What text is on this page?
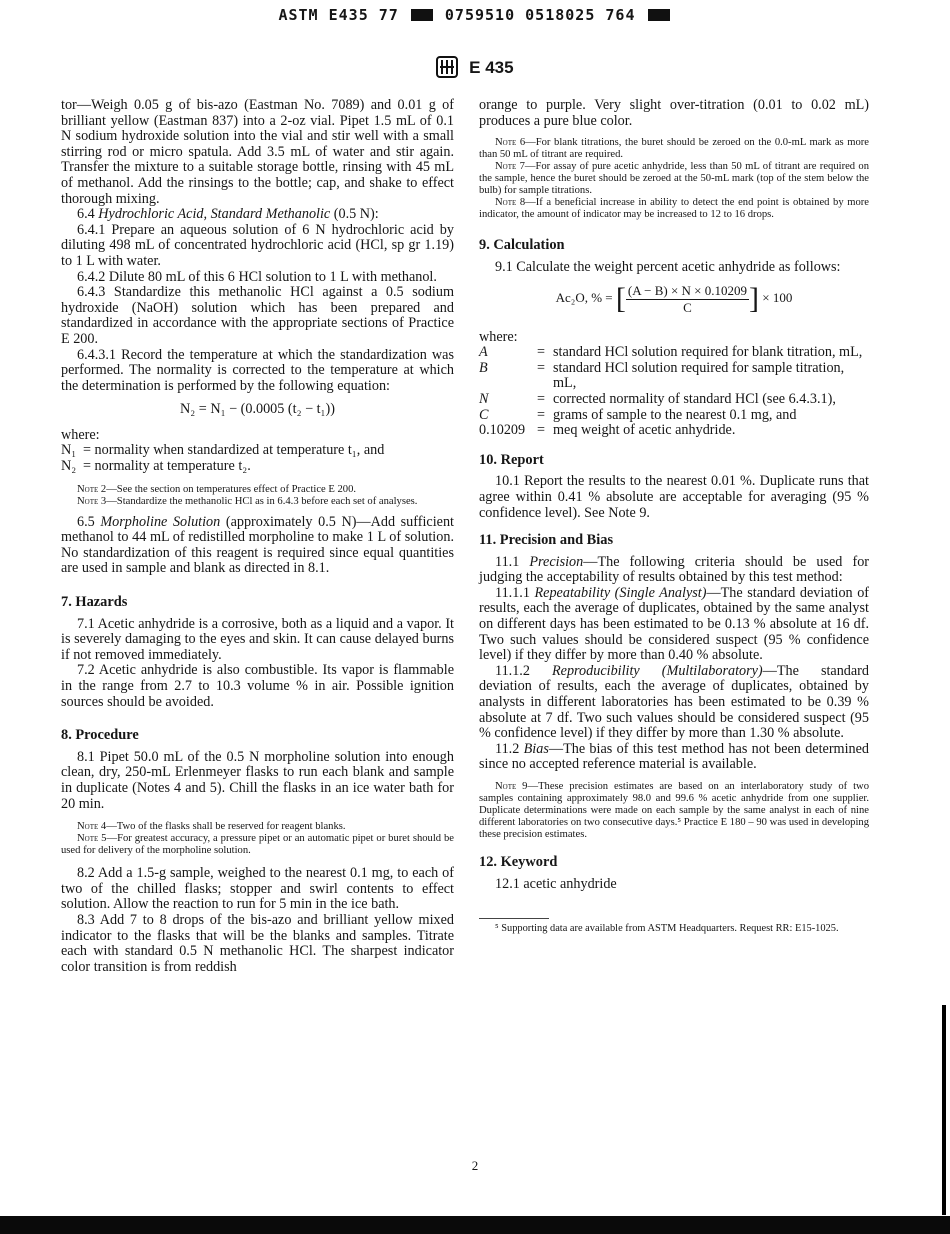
ASTM E435 77	0759510 0518025 764
E 435

tor—Weigh 0.05 g of bis-azo (Eastman No. 7089) and 0.01 g of brilliant yellow (Eastman 837) into a 2-oz vial. Pipet 1.5 mL of 0.1 N sodium hydroxide solution into the vial and stir well with a small stirring rod or micro spatula. Add 3.5 mL of water and stir again. Transfer the mixture to a suitable storage bottle, rinsing with 45 mL of methanol. Add the rinsings to the bottle; cap, and shake to effect thorough mixing.

6.4 Hydrochloric Acid, Standard Methanolic (0.5 N):

6.4.1 Prepare an aqueous solution of 6 N hydrochloric acid by diluting 498 mL of concentrated hydrochloric acid (HCl, sp gr 1.19) to 1 L with water.

6.4.2 Dilute 80 mL of this 6 HCl solution to 1 L with methanol.

6.4.3 Standardize this methanolic HCl against a 0.5 sodium hydroxide (NaOH) solution which has been prepared and standardized in accordance with the appropriate sections of Practice E 200.

6.4.3.1 Record the temperature at which the standardization was performed. The normality is corrected to the temperature at which the determination is performed by the following equation:

N₂ = N₁ − (0.0005 (t₂ − t₁))

where:

N₁ = normality when standardized at temperature t₁, and
N₂ = normality at temperature t₂.

Note 2—See the section on temperatures effect of Practice E 200.

Note 3—Standardize the methanolic HCl as in 6.4.3 before each set of analyses.

6.5 Morpholine Solution (approximately 0.5 N)—Add sufficient methanol to 44 mL of redistilled morpholine to make 1 L of solution. No standardization of this reagent is required since equal quantities are used in sample and blank as directed in 8.1.

7. Hazards

7.1 Acetic anhydride is a corrosive, both as a liquid and a vapor. It is severely damaging to the eyes and skin. It can cause delayed burns if not removed immediately.

7.2 Acetic anhydride is also combustible. Its vapor is flammable in the range from 2.7 to 10.3 volume % in air. Possible ignition sources should be avoided.

8. Procedure

8.1 Pipet 50.0 mL of the 0.5 N morpholine solution into enough clean, dry, 250-mL Erlenmeyer flasks to run each blank and sample in duplicate (Notes 4 and 5). Chill the flasks in an ice water bath for 20 min.

Note 4—Two of the flasks shall be reserved for reagent blanks.

Note 5—For greatest accuracy, a pressure pipet or an automatic pipet or buret should be used for delivery of the morpholine solution.

8.2 Add a 1.5-g sample, weighed to the nearest 0.1 mg, to each of two of the chilled flasks; stopper and swirl contents to effect solution. Allow the reaction to run for 5 min in the ice bath.

8.3 Add 7 to 8 drops of the bis-azo and brilliant yellow mixed indicator to the flasks that will be the blanks and samples. Titrate each with standard 0.5 N methanolic HCl. The sharpest indicator color transition is from reddish

orange to purple. Very slight over-titration (0.01 to 0.02 mL) produces a pure blue color.

Note 6—For blank titrations, the buret should be zeroed on the 0.0-mL mark as more than 50 mL of titrant are required.

Note 7—For assay of pure acetic anhydride, less than 50 mL of titrant are required on the sample, hence the buret should be zeroed at the 50-mL mark (top of the stem below the bulb) for sample titrations.

Note 8—If a beneficial increase in ability to detect the end point is obtained by more indicator, the amount of indicator may be increased to 12 to 16 drops.

9. Calculation

9.1 Calculate the weight percent acetic anhydride as follows:

Ac₂O, % = [ $\frac{(A - B) \times N \times 0.10209}{C}$ ] × 100

where:

A	= standard HCl solution required for blank titration, mL,
B	= standard HCl solution required for sample titration, mL,
N	= corrected normality of standard HCl (see 6.4.3.1),
C	= grams of sample to the nearest 0.1 mg, and
0.10209 = meq weight of acetic anhydride.
10. Report

10.1 Report the results to the nearest 0.01 %. Duplicate runs that agree within 0.41 % absolute are acceptable for averaging (95 % confidence level). See Note 9.

11. Precision and Bias

11.1 Precision—The following criteria should be used for judging the acceptability of results obtained by this test method:

11.1.1 Repeatability (Single Analyst)—The standard deviation of results, each the average of duplicates, obtained by the same analyst on different days has been estimated to be 0.13 % absolute at 16 df. Two such values should be considered suspect (95 % confidence level) if they differ by more than 0.40 % absolute.

11.1.2 Reproducibility (Multilaboratory)—The standard deviation of results, each the average of duplicates, obtained by analysts in different laboratories has been estimated to be 0.39 % absolute at 7 df. Two such values should be considered suspect (95 % confidence level) if they differ by more than 1.30 % absolute.

11.2 Bias—The bias of this test method has not been determined since no accepted reference material is available.

Note 9—These precision estimates are based on an interlaboratory study of two samples containing approximately 98.0 and 99.6 % acetic anhydride from one supplier. Duplicate determinations were made on each sample by the same analyst in each of nine different laboratories on two consecutive days.⁵ Practice E 180 – 90 was used in developing these precision estimates.

12. Keyword

12.1 acetic anhydride

⁵ Supporting data are available from ASTM Headquarters. Request RR: E15-1025.

2
